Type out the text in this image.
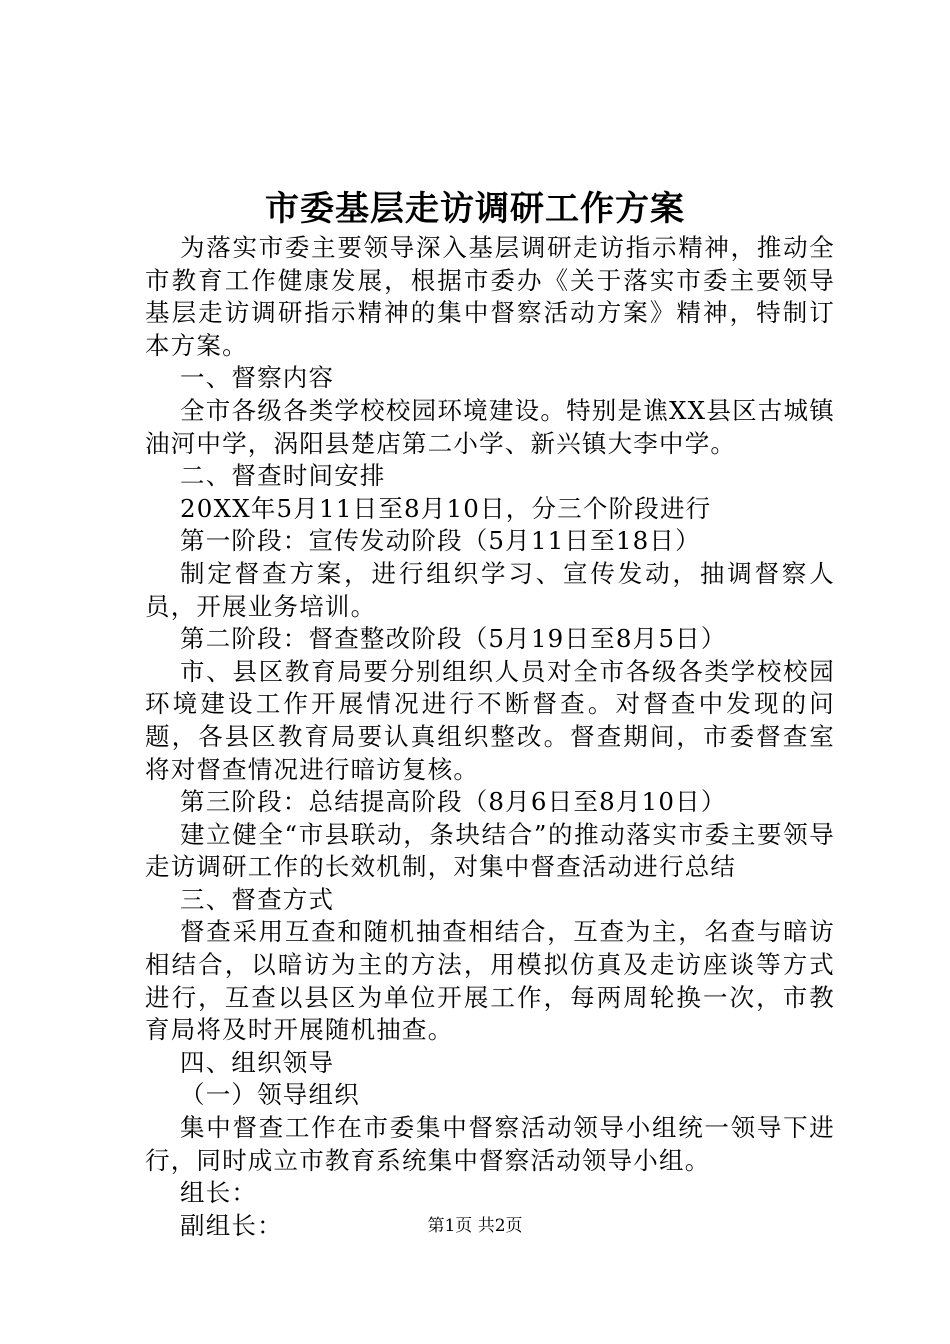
市委基层走访调研工作方案

为落实市委主要领导深入基层调研走访指示精神，推动全市教育工作健康发展，根据市委办《关于落实市委主要领导基层走访调研指示精神的集中督察活动方案》精神，特制订本方案。

一、督察内容

全市各级各类学校校园环境建设。特别是谯XX县区古城镇油河中学，涡阳县楚店第二小学、新兴镇大李中学。

二、督查时间安排

20XX年5月11日至8月10日，分三个阶段进行

第一阶段：宣传发动阶段（5月11日至18日）

制定督查方案，进行组织学习、宣传发动，抽调督察人员，开展业务培训。

第二阶段：督查整改阶段（5月19日至8月5日）

市、县区教育局要分别组织人员对全市各级各类学校校园环境建设工作开展情况进行不断督查。对督查中发现的问题，各县区教育局要认真组织整改。督查期间，市委督查室将对督查情况进行暗访复核。

第三阶段：总结提高阶段（8月6日至8月10日）

建立健全“市县联动，条块结合”的推动落实市委主要领导走访调研工作的长效机制，对集中督查活动进行总结

三、督查方式

督查采用互查和随机抽查相结合，互查为主，名查与暗访相结合，以暗访为主的方法，用模拟仿真及走访座谈等方式进行，互查以县区为单位开展工作，每两周轮换一次，市教育局将及时开展随机抽查。

四、组织领导

（一）领导组织

集中督查工作在市委集中督察活动领导小组统一领导下进行，同时成立市教育系统集中督察活动领导小组。

组长：

副组长：	第1页 共2页
